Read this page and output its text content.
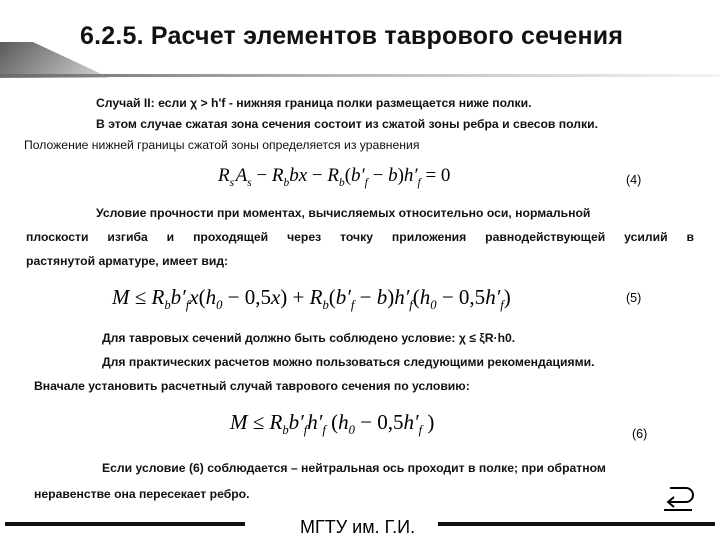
6.2.5. Расчет элементов таврового сечения
Случай II: если χ > h'f - нижняя граница полки размещается ниже полки.
В этом случае сжатая зона сечения состоит из сжатой зоны ребра и свесов полки.
Положение нижней границы сжатой зоны определяется из уравнения
$R_s$ $A_s - R_bbx - R_b(b'_f - b)h'_f = 0$	(4)
Условие прочности при моментах, вычисляемых относительно оси, нормальной
плоскости изгиба и проходящей через точку приложения равнодействующей усилий в
растянутой арматуре, имеет вид:
$M \le R_bb'_fx(h_0 - 0,5x) + R_b(b'_f - b)h'_f(h_0 - 0,5h'_f)$	(5)
Для тавровых сечений должно быть соблюдено условие: χ ≤ ξR·h0.
Для практических расчетов можно пользоваться следующими рекомендациями.
Вначале установить расчетный случай таврового сечения по условию:
$M \le R_bb'_fh'_f$ ($h_0 - 0,5h'_f$ )	(6)
Если условие (6) соблюдается – нейтральная ось проходит в полке; при обратном
неравенстве она пересекает ребро.
МГТУ им. Г.И.
